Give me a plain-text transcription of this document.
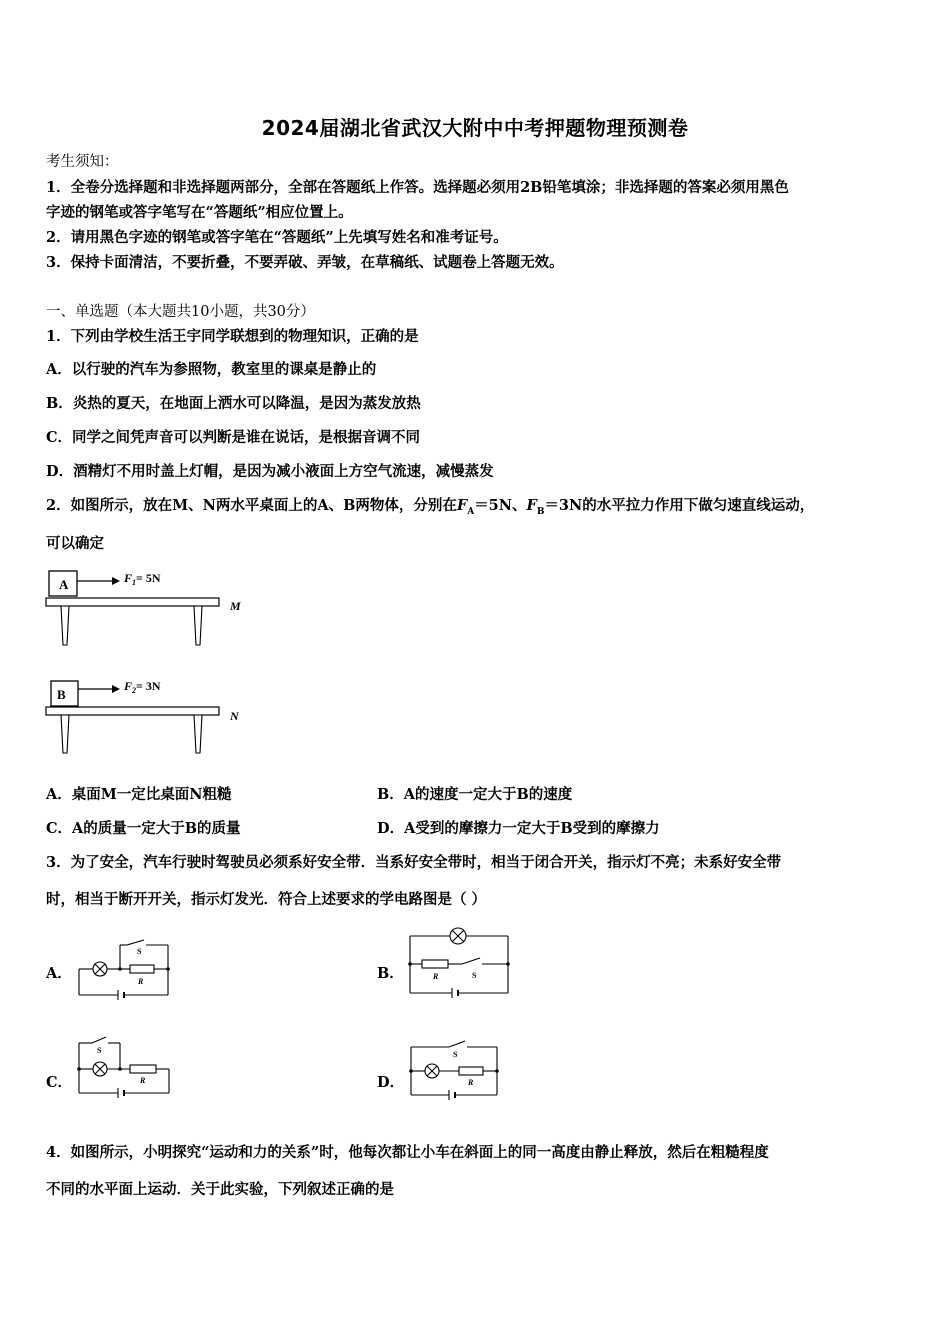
2024届湖北省武汉大附中中考押题物理预测卷
考生须知：
1．全卷分选择题和非选择题两部分，全部在答题纸上作答。选择题必须用2B铅笔填涂；非选择题的答案必须用黑色
字迹的钢笔或答字笔写在“答题纸”相应位置上。
2．请用黑色字迹的钢笔或答字笔在“答题纸”上先填写姓名和准考证号。
3．保持卡面清洁，不要折叠，不要弄破、弄皱，在草稿纸、试题卷上答题无效。
一、单选题（本大题共10小题，共30分）
1．下列由学校生活王宇同学联想到的物理知识，正确的是
A．以行驶的汽车为参照物，教室里的课桌是静止的
B．炎热的夏天，在地面上洒水可以降温，是因为蒸发放热
C．同学之间凭声音可以判断是谁在说话，是根据音调不同
D．酒精灯不用时盖上灯帽，是因为减小液面上方空气流速，减慢蒸发
2．如图所示，放在M、N两水平桌面上的A、B两物体，分别在$F_A=5N$、$F_B=3N$的水平拉力作用下做匀速直线运动，
可以确定
A	$F_1= 5N$
M
B
$F_2= 3N$
N
A．桌面M一定比桌面N粗糙	B．A的速度一定大于B的速度
C．A的质量一定大于B的质量	D．A受到的摩擦力一定大于B受到的摩擦力
3．为了安全，汽车行驶时驾驶员必须系好安全带．当系好安全带时，相当于闭合开关，指示灯不亮；未系好安全带
时，相当于断开开关，指示灯发光．符合上述要求的学电路图是（ ）
A．	B．
C．	D．
S
R
R	S
S
R
S
R
4．如图所示，小明探究“运动和力的关系”时，他每次都让小车在斜面上的同一高度由静止释放，然后在粗糙程度
不同的水平面上运动．关于此实验，下列叙述正确的是
